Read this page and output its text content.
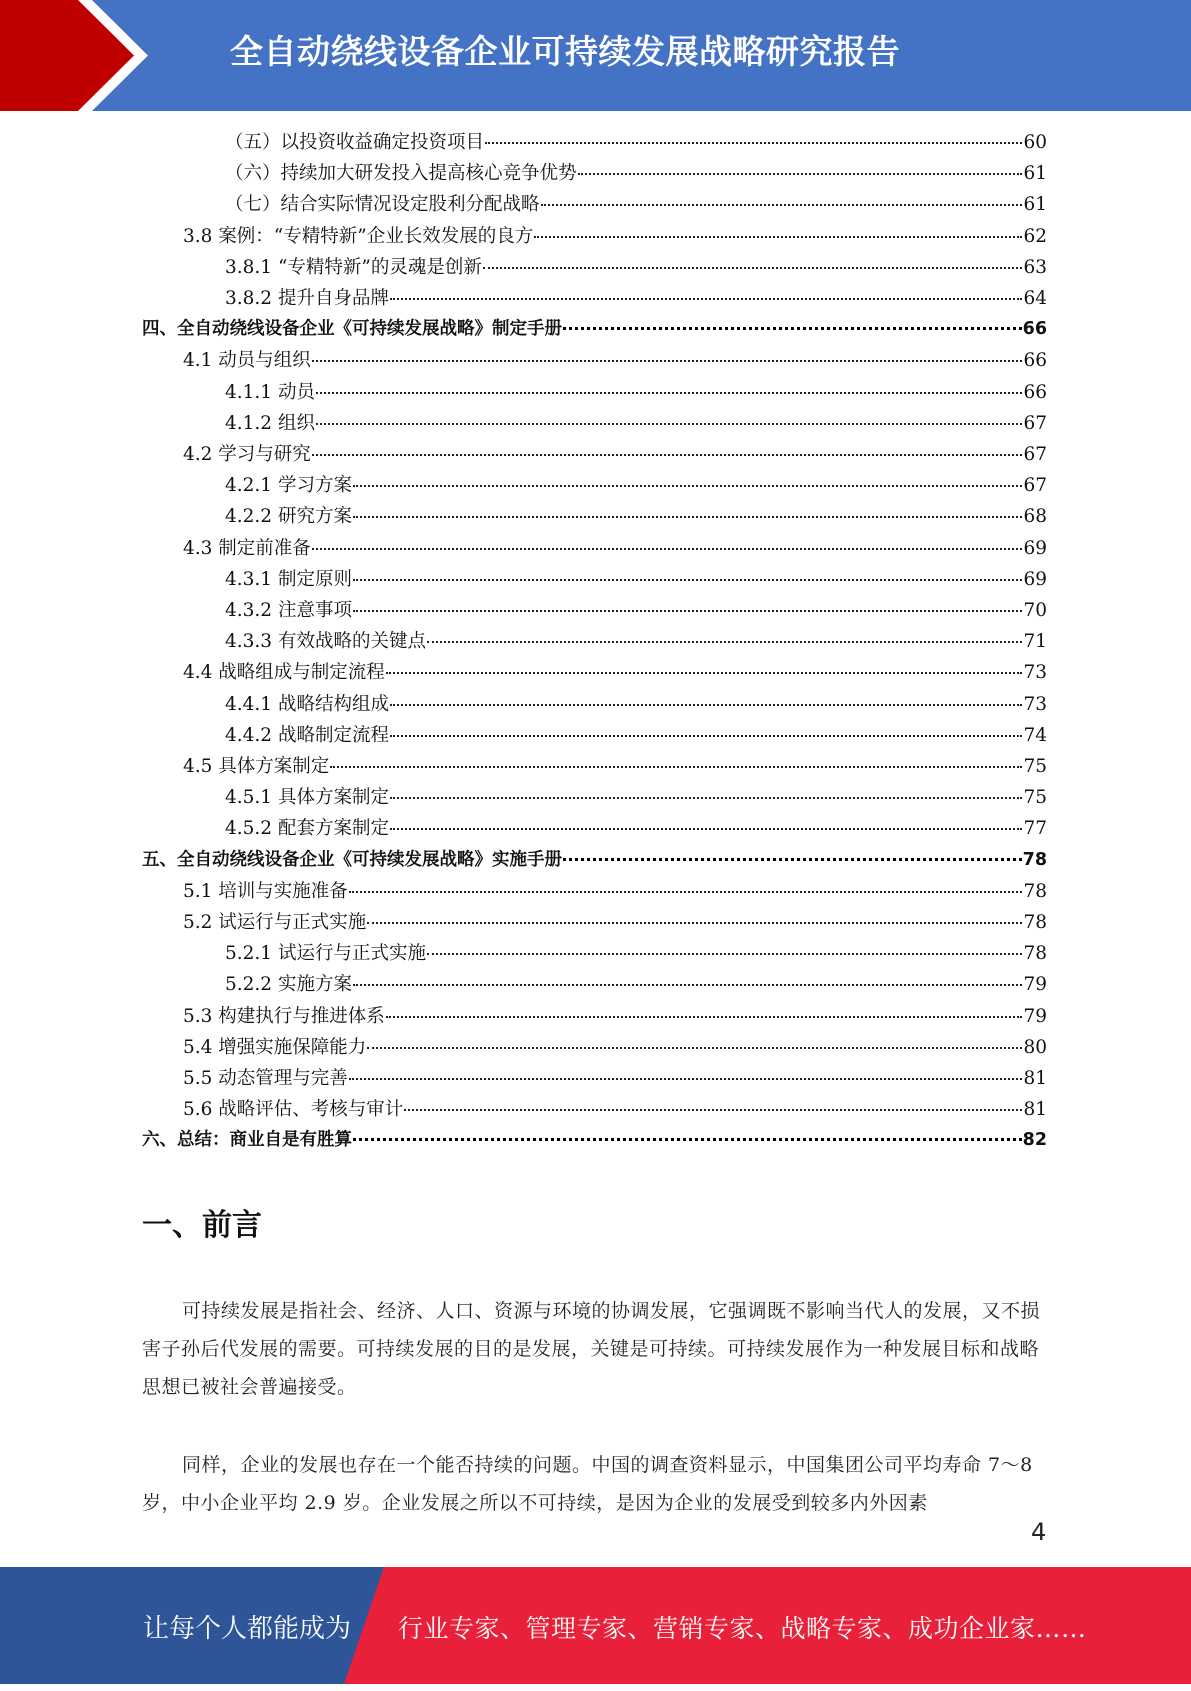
全自动绕线设备企业可持续发展战略研究报告
（五）以投资收益确定投资项目	60
（六）持续加大研发投入提高核心竞争优势	61
（七）结合实际情况设定股利分配战略	61
3.8 案例：“专精特新”企业长效发展的良方	62
3.8.1 “专精特新”的灵魂是创新	63
3.8.2 提升自身品牌	64
四、全自动绕线设备企业《可持续发展战略》制定手册	66
4.1 动员与组织	66
4.1.1 动员	66
4.1.2 组织	67
4.2 学习与研究	67
4.2.1 学习方案	67
4.2.2 研究方案	68
4.3 制定前准备	69
4.3.1 制定原则	69
4.3.2 注意事项	70
4.3.3 有效战略的关键点	71
4.4 战略组成与制定流程	73
4.4.1 战略结构组成	73
4.4.2 战略制定流程	74
4.5 具体方案制定	75
4.5.1 具体方案制定	75
4.5.2 配套方案制定	77
五、全自动绕线设备企业《可持续发展战略》实施手册	78
5.1 培训与实施准备	78
5.2 试运行与正式实施	78
5.2.1 试运行与正式实施	78
5.2.2 实施方案	79
5.3 构建执行与推进体系	79
5.4 增强实施保障能力	80
5.5 动态管理与完善	81
5.6 战略评估、考核与审计	81
六、总结：商业自是有胜算	82
一、前言

可持续发展是指社会、经济、人口、资源与环境的协调发展，它强调既不影响当代人的发展，又不损害子孙后代发展的需要。可持续发展的目的是发展，关键是可持续。可持续发展作为一种发展目标和战略思想已被社会普遍接受。

同样，企业的发展也存在一个能否持续的问题。中国的调查资料显示，中国集团公司平均寿命 7～8 岁，中小企业平均 2.9 岁。企业发展之所以不可持续，是因为企业的发展受到较多内外因素

4
让每个人都能成为 行业专家、管理专家、营销专家、战略专家、成功企业家……
